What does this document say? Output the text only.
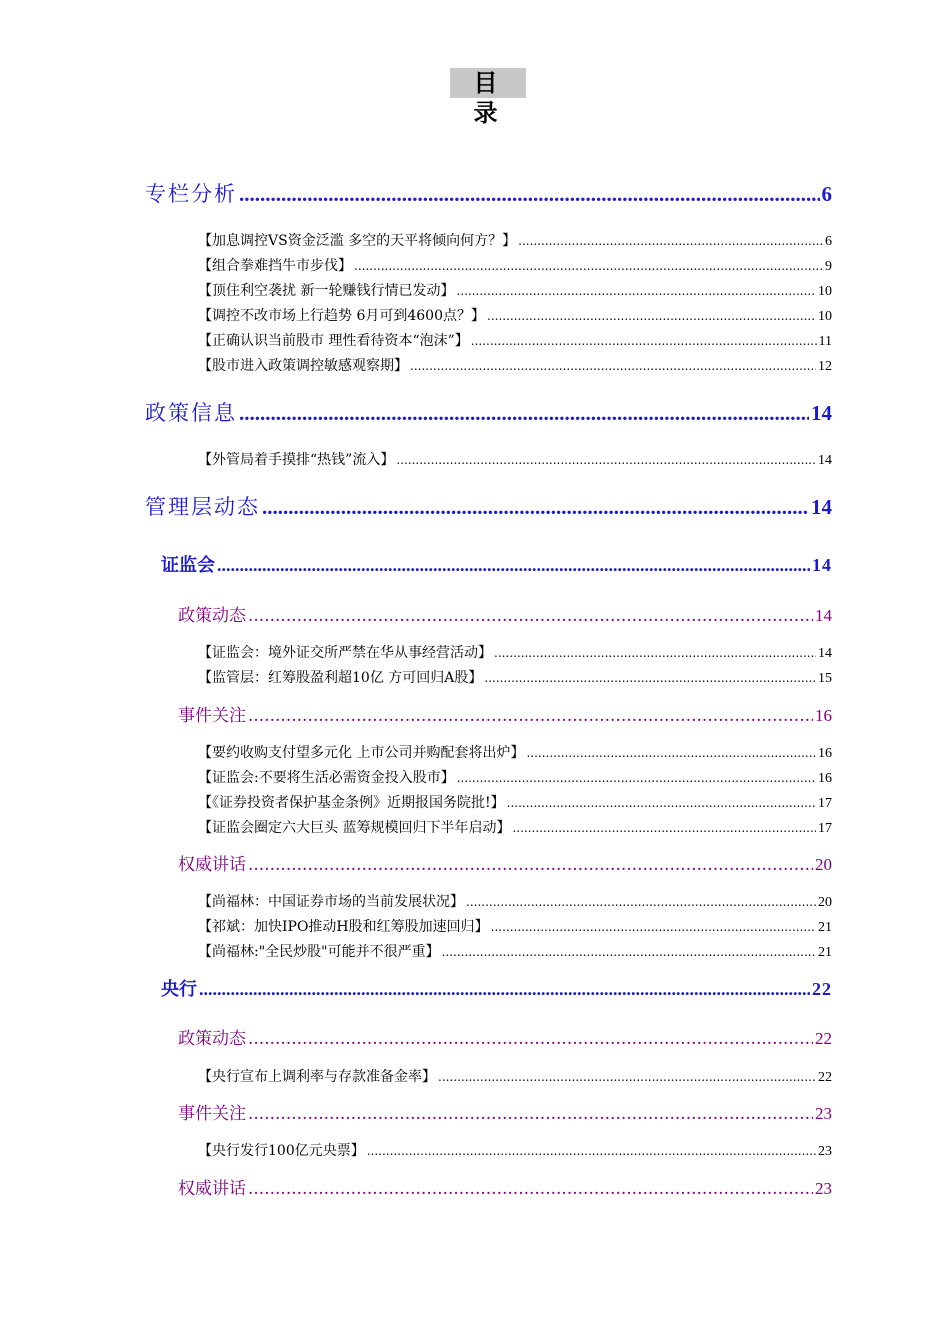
目　录
专栏分析 .....	6
【加息调控VS资金泛滥 多空的天平将倾向何方？】 .....	6
【组合拳难挡牛市步伐】 .....	9
【顶住利空袭扰 新一轮赚钱行情已发动】 .....	10
【调控不改市场上行趋势 6月可到4600点？】 .....	10
【正确认识当前股市 理性看待资本“泡沫”】 .....	11
【股市进入政策调控敏感观察期】 .....	12
政策信息 .....	14
【外管局着手摸排“热钱”流入】 .....	14
管理层动态 .....	14
证监会 .....	14
政策动态 .....	14
【证监会：境外证交所严禁在华从事经营活动】 .....	14
【监管层：红筹股盈利超10亿 方可回归A股】 .....	15
事件关注 .....	16
【要约收购支付望多元化 上市公司并购配套将出炉】 .....	16
【证监会:不要将生活必需资金投入股市】 .....	16
【《证券投资者保护基金条例》近期报国务院批!】 .....	17
【证监会圈定六大巨头 蓝筹规模回归下半年启动】 .....	17
权威讲话 .....	20
【尚福林：中国证券市场的当前发展状况】 .....	20
【祁斌：加快IPO推动H股和红筹股加速回归】 .....	21
【尚福林:"全民炒股"可能并不很严重】 .....	21
央行 .....	22
政策动态 .....	22
【央行宣布上调利率与存款准备金率】 .....	22
事件关注 .....	23
【央行发行100亿元央票】 .....	23
权威讲话 .....	23
